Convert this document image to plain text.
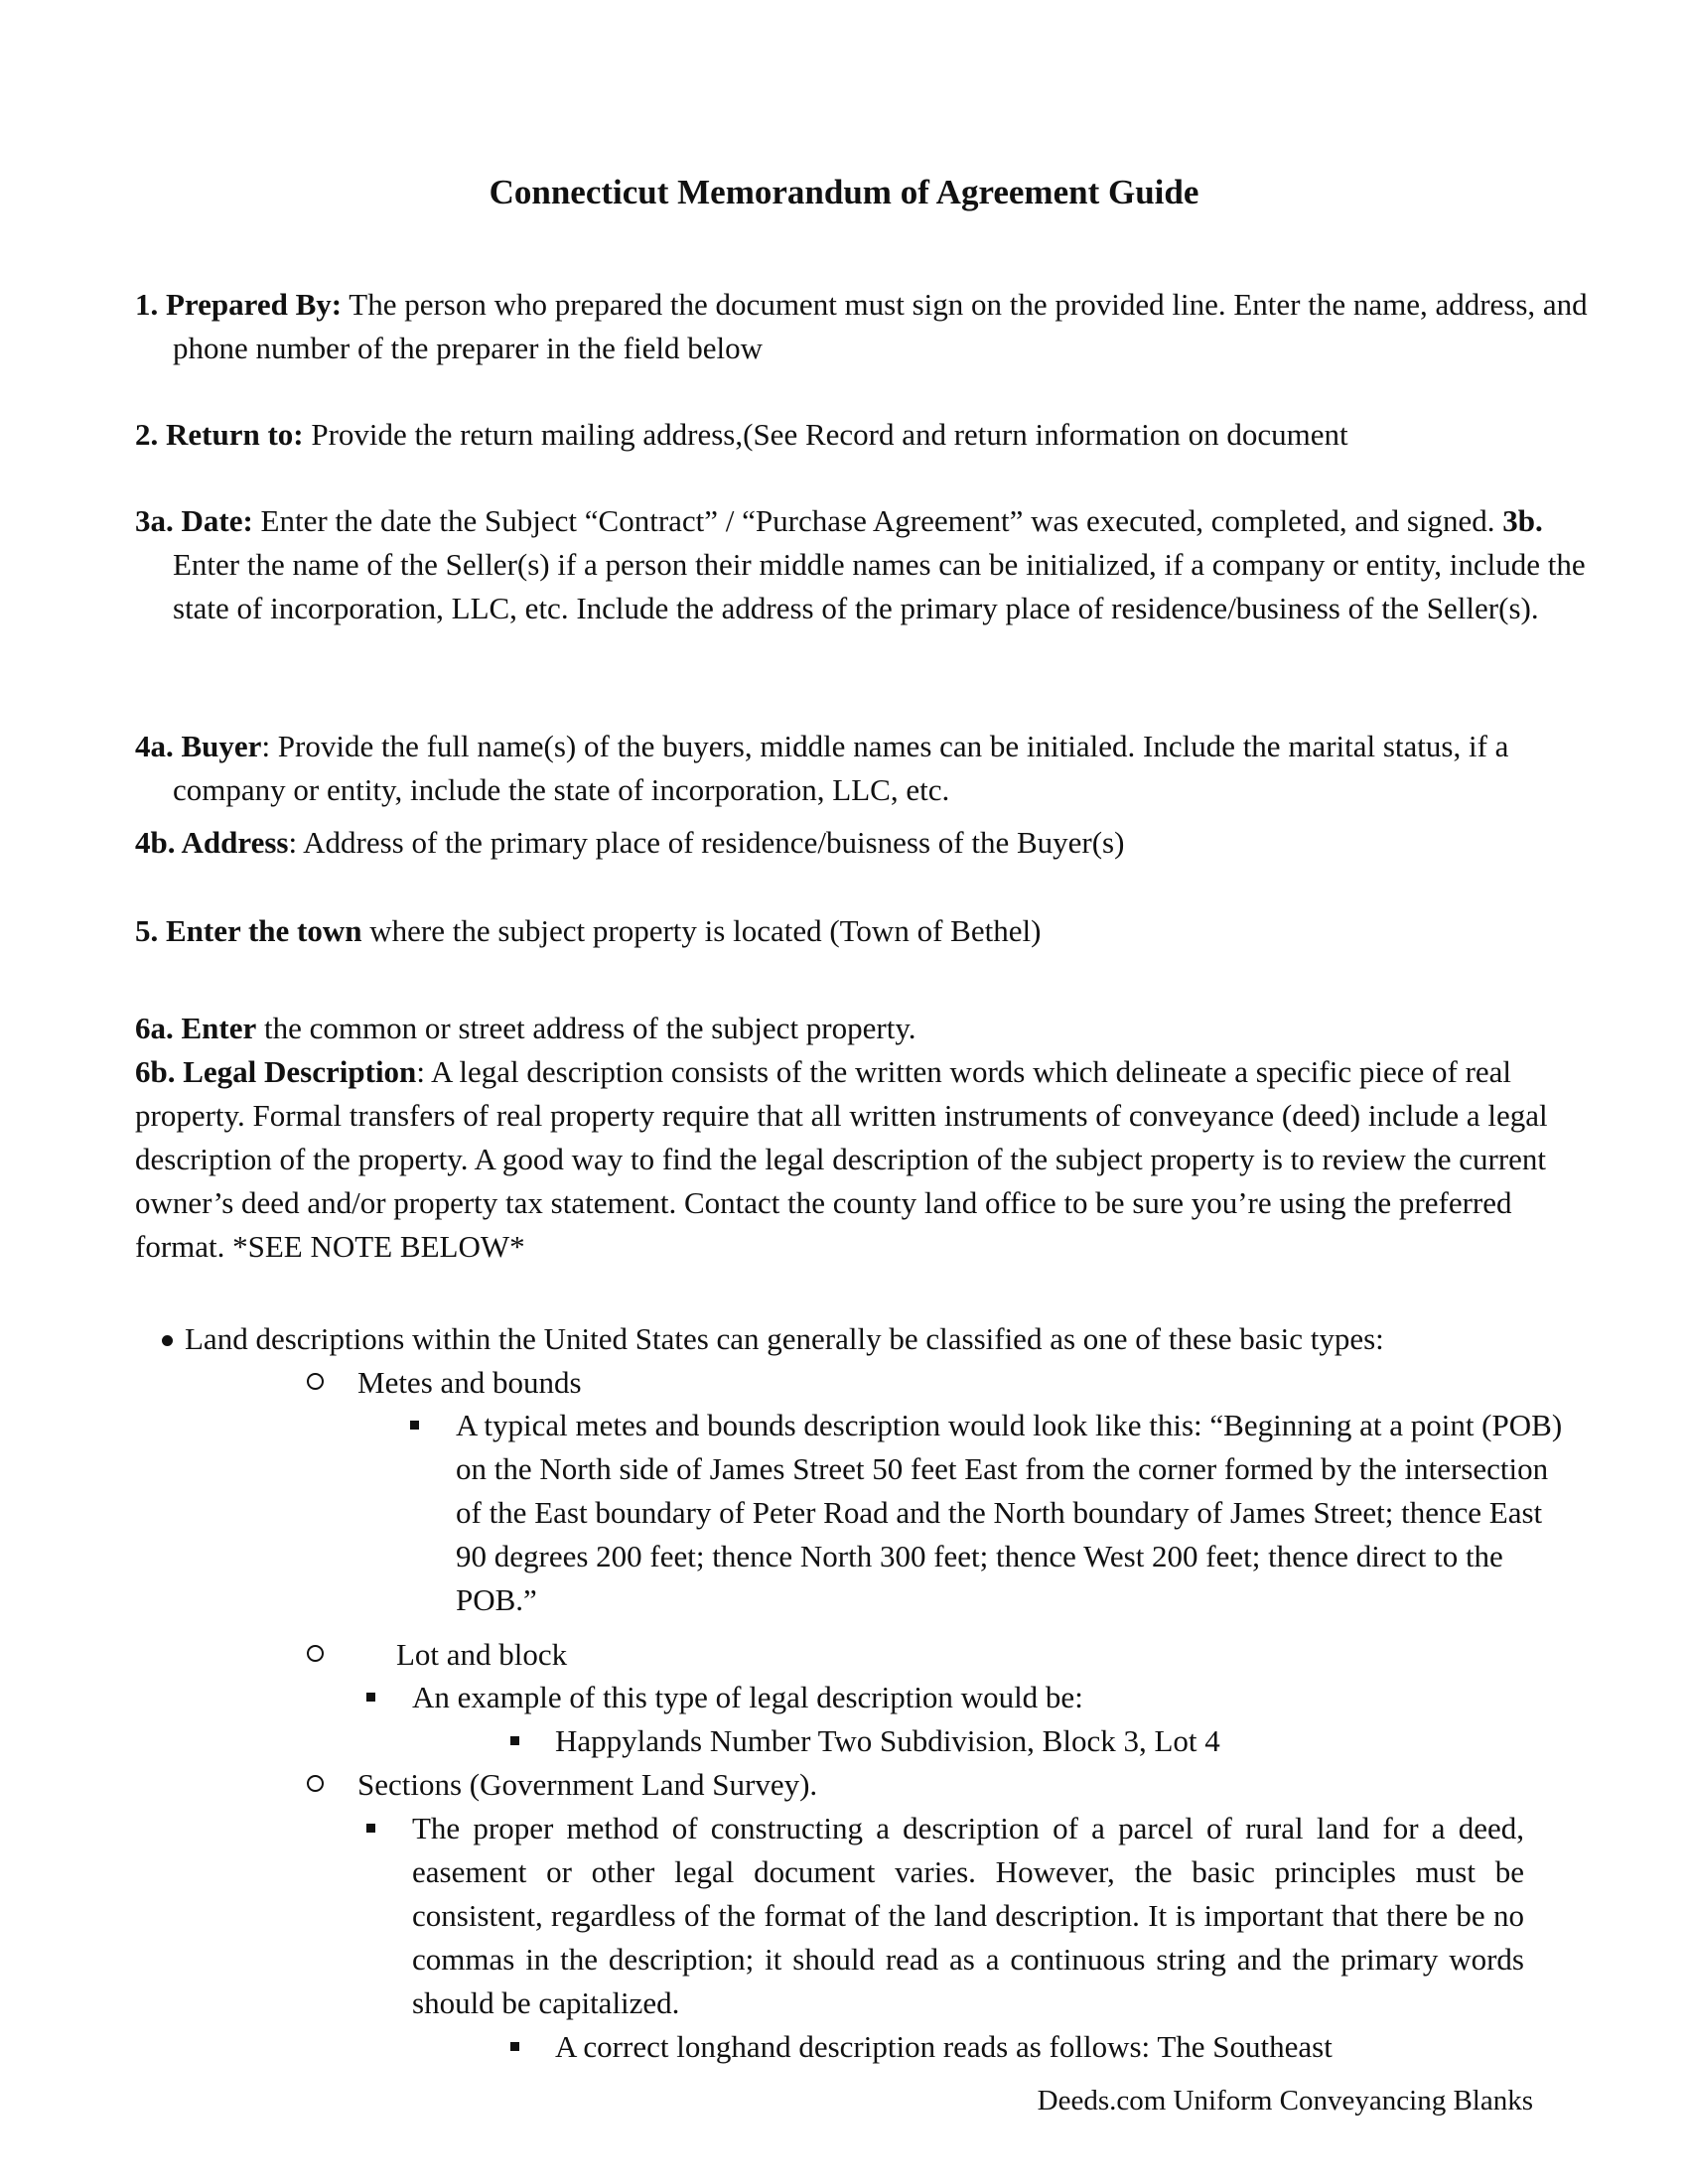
Connecticut Memorandum of Agreement Guide
1. Prepared By: The person who prepared the document must sign on the provided line. Enter the name, address, and phone number of the preparer in the field below
2. Return to: Provide the return mailing address,(See Record and return information on document
3a. Date: Enter the date the Subject “Contract” / “Purchase Agreement” was executed, completed, and signed. 3b. Enter the name of the Seller(s) if a person their middle names can be initialized, if a company or entity, include the state of incorporation, LLC, etc. Include the address of the primary place of residence/business of the Seller(s).
4a. Buyer: Provide the full name(s) of the buyers, middle names can be initialed. Include the marital status, if a company or entity, include the state of incorporation, LLC, etc.
4b. Address: Address of the primary place of residence/buisness of the Buyer(s)
5. Enter the town where the subject property is located (Town of Bethel)
6a. Enter the common or street address of the subject property.
6b. Legal Description: A legal description consists of the written words which delineate a specific piece of real property. Formal transfers of real property require that all written instruments of conveyance (deed) include a legal description of the property. A good way to find the legal description of the subject property is to review the current owner’s deed and/or property tax statement. Contact the county land office to be sure you’re using the preferred format. *SEE NOTE BELOW*
Land descriptions within the United States can generally be classified as one of these basic types:
Metes and bounds
A typical metes and bounds description would look like this: “Beginning at a point (POB) on the North side of James Street 50 feet East from the corner formed by the intersection of the East boundary of Peter Road and the North boundary of James Street; thence East 90 degrees 200 feet; thence North 300 feet; thence West 200 feet; thence direct to the POB.”
Lot and block
An example of this type of legal description would be:
Happylands Number Two Subdivision, Block 3, Lot 4
Sections (Government Land Survey).
The proper method of constructing a description of a parcel of rural land for a deed, easement or other legal document varies. However, the basic principles must be consistent, regardless of the format of the land description. It is important that there be no commas in the description; it should read as a continuous string and the primary words should be capitalized.
A correct longhand description reads as follows: The Southeast
Deeds.com Uniform Conveyancing Blanks
